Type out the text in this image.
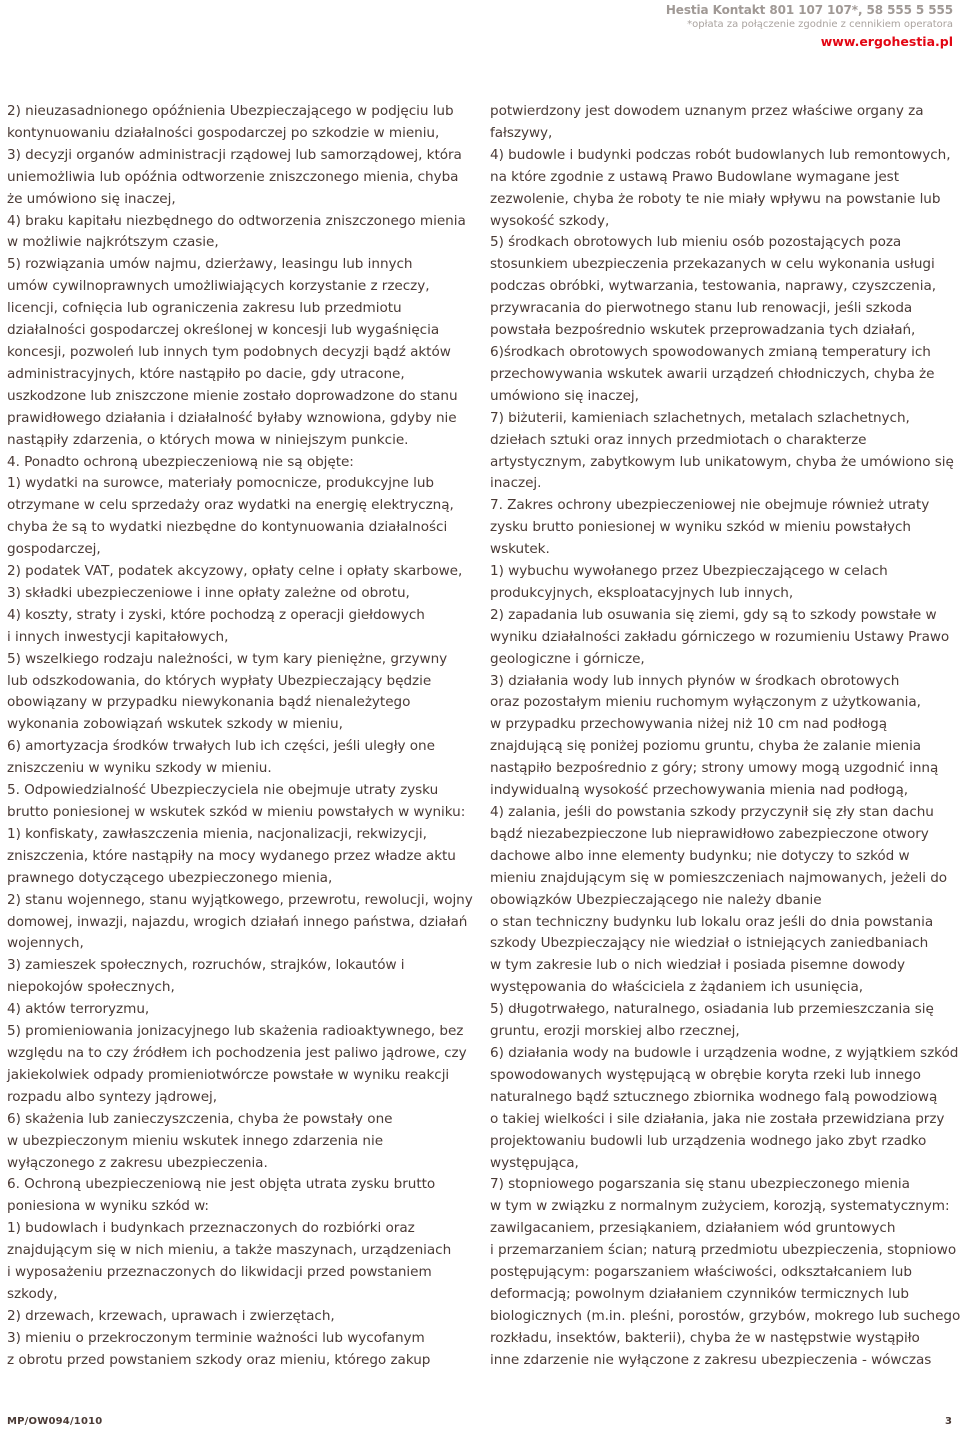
Hestia Kontakt 801 107 107*, 58 555 5 555
*opłata za połączenie zgodnie z cennikiem operatora
www.ergohestia.pl
2) nieuzasadnionego opóźnienia Ubezpieczającego w podjęciu lub
kontynuowaniu działalności gospodarczej po szkodzie w mieniu,
3) decyzji organów administracji rządowej lub samorządowej, która
uniemożliwia lub opóźnia odtworzenie zniszczonego mienia, chyba
że umówiono się inaczej,
4) braku kapitału niezbędnego do odtworzenia zniszczonego mienia
w możliwie najkrótszym czasie,
5) rozwiązania umów najmu, dzierżawy, leasingu lub innych
umów cywilnoprawnych umożliwiających korzystanie z rzeczy,
licencji, cofnięcia lub ograniczenia zakresu lub przedmiotu
działalności gospodarczej określonej w koncesji lub wygaśnięcia
koncesji, pozwoleń lub innych tym podobnych decyzji bądź aktów
administracyjnych, które nastąpiło po dacie, gdy utracone,
uszkodzone lub zniszczone mienie zostało doprowadzone do stanu
prawidłowego działania i działalność byłaby wznowiona, gdyby nie
nastąpiły zdarzenia, o których mowa w niniejszym punkcie.
4. Ponadto ochroną ubezpieczeniową nie są objęte:
1) wydatki na surowce, materiały pomocnicze, produkcyjne lub
otrzymane w celu sprzedaży oraz wydatki na energię elektryczną,
chyba że są to wydatki niezbędne do kontynuowania działalności
gospodarczej,
2) podatek VAT, podatek akcyzowy, opłaty celne i opłaty skarbowe,
3) składki ubezpieczeniowe i inne opłaty zależne od obrotu,
4) koszty, straty i zyski, które pochodzą z operacji giełdowych
i innych inwestycji kapitałowych,
5) wszelkiego rodzaju należności, w tym kary pieniężne, grzywny
lub odszkodowania, do których wypłaty Ubezpieczający będzie
obowiązany w przypadku niewykonania bądź nienależytego
wykonania zobowiązań wskutek szkody w mieniu,
6) amortyzacja środków trwałych lub ich części, jeśli uległy one
zniszczeniu w wyniku szkody w mieniu.
5. Odpowiedzialność Ubezpieczyciela nie obejmuje utraty zysku
brutto poniesionej w wskutek szkód w mieniu powstałych w wyniku:
1) konfiskaty, zawłaszczenia mienia, nacjonalizacji, rekwizycji,
zniszczenia, które nastąpiły na mocy wydanego przez władze aktu
prawnego dotyczącego ubezpieczonego mienia,
2) stanu wojennego, stanu wyjątkowego, przewrotu, rewolucji, wojny
domowej, inwazji, najazdu, wrogich działań innego państwa, działań
wojennych,
3) zamieszek społecznych, rozruchów, strajków, lokautów i
niepokojów społecznych,
4) aktów terroryzmu,
5) promieniowania jonizacyjnego lub skażenia radioaktywnego, bez
względu na to czy źródłem ich pochodzenia jest paliwo jądrowe, czy
jakiekolwiek odpady promieniotwórcze powstałe w wyniku reakcji
rozpadu albo syntezy jądrowej,
6) skażenia lub zanieczyszczenia, chyba że powstały one
w ubezpieczonym mieniu wskutek innego zdarzenia nie
wyłączonego z zakresu ubezpieczenia.
6. Ochroną ubezpieczeniową nie jest objęta utrata zysku brutto
poniesiona w wyniku szkód w:
1) budowlach i budynkach przeznaczonych do rozbiórki oraz
znajdującym się w nich mieniu, a także maszynach, urządzeniach
i wyposażeniu przeznaczonych do likwidacji przed powstaniem
szkody,
2) drzewach, krzewach, uprawach i zwierzętach,
3) mieniu o przekroczonym terminie ważności lub wycofanym
z obrotu przed powstaniem szkody oraz mieniu, którego zakup
potwierdzony jest dowodem uznanym przez właściwe organy za
fałszywy,
4) budowle i budynki podczas robót budowlanych lub remontowych,
na które zgodnie z ustawą Prawo Budowlane wymagane jest
zezwolenie, chyba że roboty te nie miały wpływu na powstanie lub
wysokość szkody,
5) środkach obrotowych lub mieniu osób pozostających poza
stosunkiem ubezpieczenia przekazanych w celu wykonania usługi
podczas obróbki, wytwarzania, testowania, naprawy, czyszczenia,
przywracania do pierwotnego stanu lub renowacji, jeśli szkoda
powstała bezpośrednio wskutek przeprowadzania tych działań,
6)środkach obrotowych spowodowanych zmianą temperatury ich
przechowywania wskutek awarii urządzeń chłodniczych, chyba że
umówiono się inaczej,
7) biżuterii, kamieniach szlachetnych, metalach szlachetnych,
dziełach sztuki oraz innych przedmiotach o charakterze
artystycznym, zabytkowym lub unikatowym, chyba że umówiono się
inaczej.
7. Zakres ochrony ubezpieczeniowej nie obejmuje również utraty
zysku brutto poniesionej w wyniku szkód w mieniu powstałych
wskutek.
1) wybuchu wywołanego przez Ubezpieczającego w celach
produkcyjnych, eksploatacyjnych lub innych,
2) zapadania lub osuwania się ziemi, gdy są to szkody powstałe w
wyniku działalności zakładu górniczego w rozumieniu Ustawy Prawo
geologiczne i górnicze,
3) działania wody lub innych płynów w środkach obrotowych
oraz pozostałym mieniu ruchomym wyłączonym z użytkowania,
w przypadku przechowywania niżej niż 10 cm nad podłogą
znajdującą się poniżej poziomu gruntu, chyba że zalanie mienia
nastąpiło bezpośrednio z góry; strony umowy mogą uzgodnić inną
indywidualną wysokość przechowywania mienia nad podłogą,
4) zalania, jeśli do powstania szkody przyczynił się zły stan dachu
bądź niezabezpieczone lub nieprawidłowo zabezpieczone otwory
dachowe albo inne elementy budynku; nie dotyczy to szkód w
mieniu znajdującym się w pomieszczeniach najmowanych, jeżeli do
obowiązków Ubezpieczającego nie należy dbanie
o stan techniczny budynku lub lokalu oraz jeśli do dnia powstania
szkody Ubezpieczający nie wiedział o istniejących zaniedbaniach
w tym zakresie lub o nich wiedział i posiada pisemne dowody
występowania do właściciela z żądaniem ich usunięcia,
5) długotrwałego, naturalnego, osiadania lub przemieszczania się
gruntu, erozji morskiej albo rzecznej,
6) działania wody na budowle i urządzenia wodne, z wyjątkiem szkód
spowodowanych występującą w obrębie koryta rzeki lub innego
naturalnego bądź sztucznego zbiornika wodnego falą powodziową
o takiej wielkości i sile działania, jaka nie została przewidziana przy
projektowaniu budowli lub urządzenia wodnego jako zbyt rzadko
występująca,
7) stopniowego pogarszania się stanu ubezpieczonego mienia
w tym w związku z normalnym zużyciem, korozją, systematycznym:
zawilgacaniem, przesiąkaniem, działaniem wód gruntowych
i przemarzaniem ścian; naturą przedmiotu ubezpieczenia, stopniowo
postępującym: pogarszaniem właściwości, odkształcaniem lub
deformacją; powolnym działaniem czynników termicznych lub
biologicznych (m.in. pleśni, porostów, grzybów, mokrego lub suchego
rozkładu, insektów, bakterii), chyba że w następstwie wystąpiło
inne zdarzenie nie wyłączone z zakresu ubezpieczenia - wówczas
MP/OW094/1010	3
